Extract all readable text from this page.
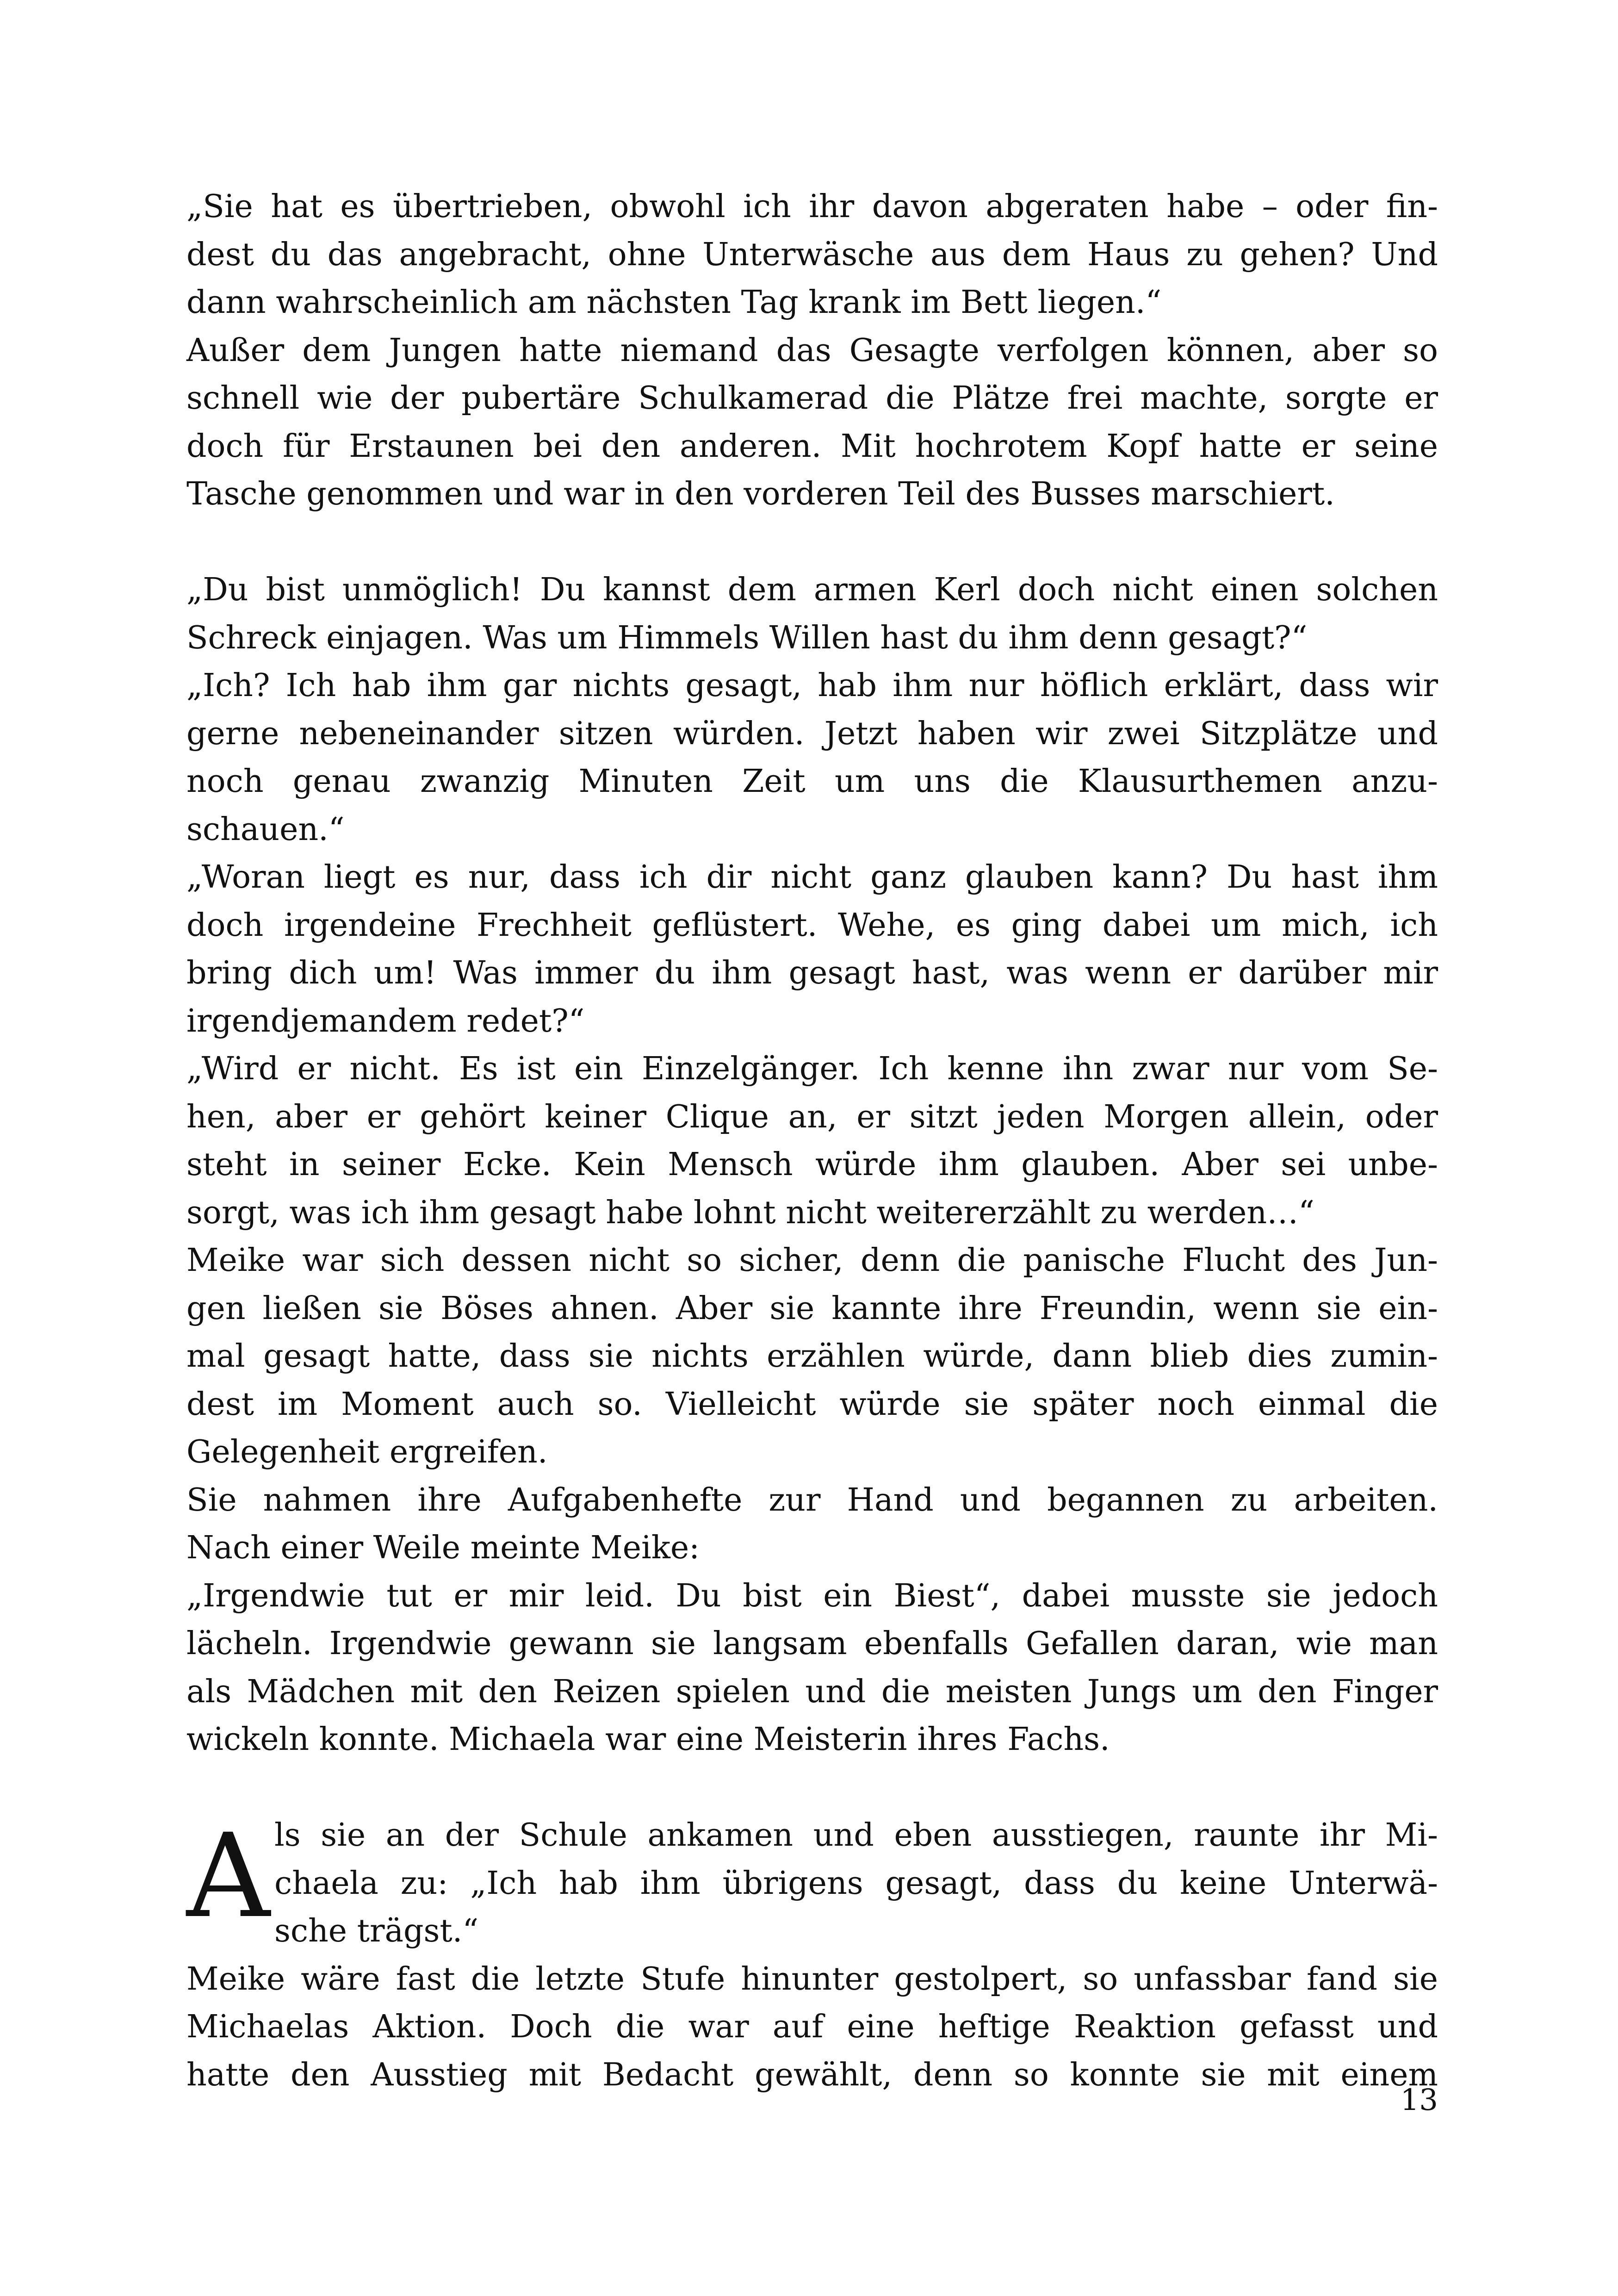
„Sie hat es übertrieben, obwohl ich ihr davon abgeraten habe – oder fin-
dest du das angebracht, ohne Unterwäsche aus dem Haus zu gehen? Und
dann wahrscheinlich am nächsten Tag krank im Bett liegen.“
Außer dem Jungen hatte niemand das Gesagte verfolgen können, aber so
schnell wie der pubertäre Schulkamerad die Plätze frei machte, sorgte er
doch für Erstaunen bei den anderen. Mit hochrotem Kopf hatte er seine
Tasche genommen und war in den vorderen Teil des Busses marschiert.
„Du bist unmöglich! Du kannst dem armen Kerl doch nicht einen solchen
Schreck einjagen. Was um Himmels Willen hast du ihm denn gesagt?“
„Ich? Ich hab ihm gar nichts gesagt, hab ihm nur höflich erklärt, dass wir
gerne nebeneinander sitzen würden. Jetzt haben wir zwei Sitzplätze und
noch genau zwanzig Minuten Zeit um uns die Klausurthemen anzu-
schauen.“
„Woran liegt es nur, dass ich dir nicht ganz glauben kann? Du hast ihm
doch irgendeine Frechheit geflüstert. Wehe, es ging dabei um mich, ich
bring dich um! Was immer du ihm gesagt hast, was wenn er darüber mir
irgendjemandem redet?“
„Wird er nicht. Es ist ein Einzelgänger. Ich kenne ihn zwar nur vom Se-
hen, aber er gehört keiner Clique an, er sitzt jeden Morgen allein, oder
steht in seiner Ecke. Kein Mensch würde ihm glauben. Aber sei unbe-
sorgt, was ich ihm gesagt habe lohnt nicht weitererzählt zu werden…“
Meike war sich dessen nicht so sicher, denn die panische Flucht des Jun-
gen ließen sie Böses ahnen. Aber sie kannte ihre Freundin, wenn sie ein-
mal gesagt hatte, dass sie nichts erzählen würde, dann blieb dies zumin-
dest im Moment auch so. Vielleicht würde sie später noch einmal die
Gelegenheit ergreifen.
Sie nahmen ihre Aufgabenhefte zur Hand und begannen zu arbeiten.
Nach einer Weile meinte Meike:
„Irgendwie tut er mir leid. Du bist ein Biest“, dabei musste sie jedoch
lächeln. Irgendwie gewann sie langsam ebenfalls Gefallen daran, wie man
als Mädchen mit den Reizen spielen und die meisten Jungs um den Finger
wickeln konnte. Michaela war eine Meisterin ihres Fachs.
A ls sie an der Schule ankamen und eben ausstiegen, raunte ihr Mi-
chaela zu: „Ich hab ihm übrigens gesagt, dass du keine Unterwä-
sche trägst.“
Meike wäre fast die letzte Stufe hinunter gestolpert, so unfassbar fand sie
Michaelas Aktion. Doch die war auf eine heftige Reaktion gefasst und
hatte den Ausstieg mit Bedacht gewählt, denn so konnte sie mit einem
13
